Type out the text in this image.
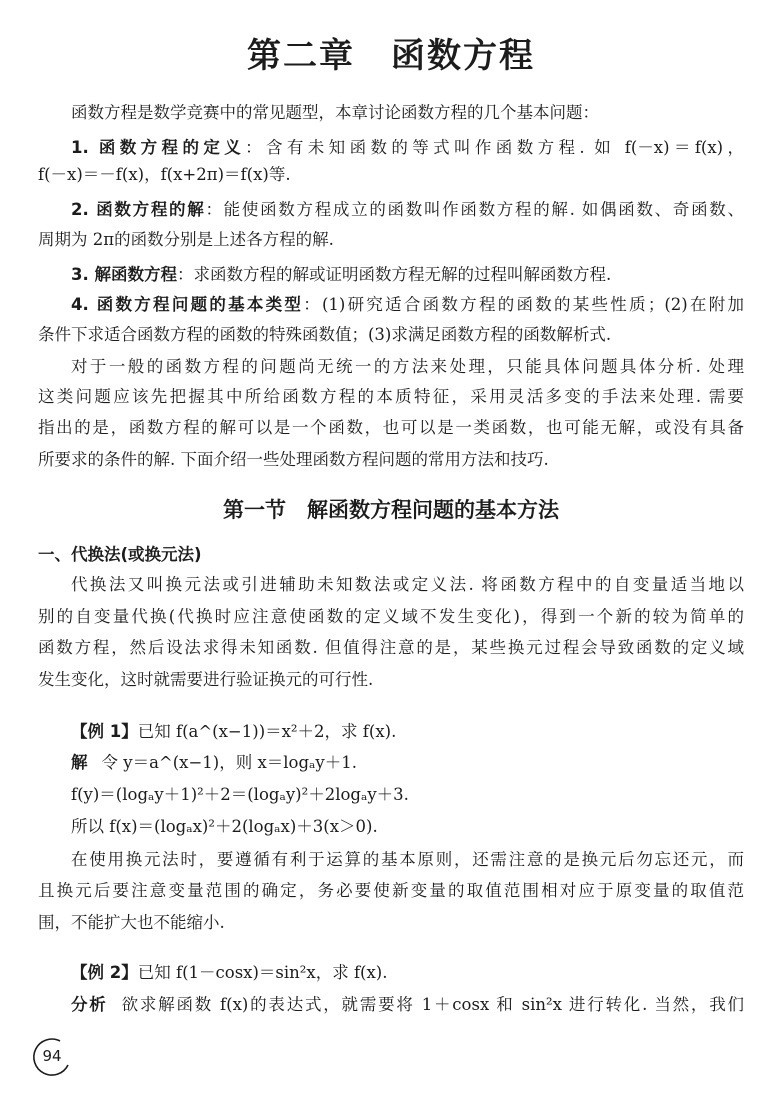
第二章　函数方程
函数方程是数学竞赛中的常见题型，本章讨论函数方程的几个基本问题：
1. 函数方程的定义：含有未知函数的等式叫作函数方程. 如 f(－x)＝f(x)，
f(－x)＝－f(x)，f(x+2π)＝f(x)等.
2. 函数方程的解：能使函数方程成立的函数叫作函数方程的解. 如偶函数、奇函数、
周期为 2π的函数分别是上述各方程的解.
3. 解函数方程：求函数方程的解或证明函数方程无解的过程叫解函数方程.
4. 函数方程问题的基本类型：(1)研究适合函数方程的函数的某些性质；(2)在附加
条件下求适合函数方程的函数的特殊函数值；(3)求满足函数方程的函数解析式.
对于一般的函数方程的问题尚无统一的方法来处理，只能具体问题具体分析. 处理
这类问题应该先把握其中所给函数方程的本质特征，采用灵活多变的手法来处理. 需要
指出的是，函数方程的解可以是一个函数，也可以是一类函数，也可能无解，或没有具备
所要求的条件的解. 下面介绍一些处理函数方程问题的常用方法和技巧.
第一节　解函数方程问题的基本方法
一、代换法(或换元法)
代换法又叫换元法或引进辅助未知数法或定义法. 将函数方程中的自变量适当地以
别的自变量代换(代换时应注意使函数的定义域不发生变化)，得到一个新的较为简单的
函数方程，然后设法求得未知函数. 但值得注意的是，某些换元过程会导致函数的定义域
发生变化，这时就需要进行验证换元的可行性.
【例 1】已知 f(a^(x−1))＝x²＋2，求 f(x).
解 令 y＝a^(x−1)，则 x＝logₐy＋1.
f(y)＝(logₐy＋1)²＋2＝(logₐy)²＋2logₐy＋3.
所以 f(x)＝(logₐx)²＋2(logₐx)＋3(x＞0).
在使用换元法时，要遵循有利于运算的基本原则，还需注意的是换元后勿忘还元，而
且换元后要注意变量范围的确定，务必要使新变量的取值范围相对应于原变量的取值范
围，不能扩大也不能缩小.
【例 2】已知 f(1－cosx)＝sin²x，求 f(x).
分析 欲求解函数 f(x)的表达式，就需要将 1＋cosx 和 sin²x 进行转化. 当然，我们
94
